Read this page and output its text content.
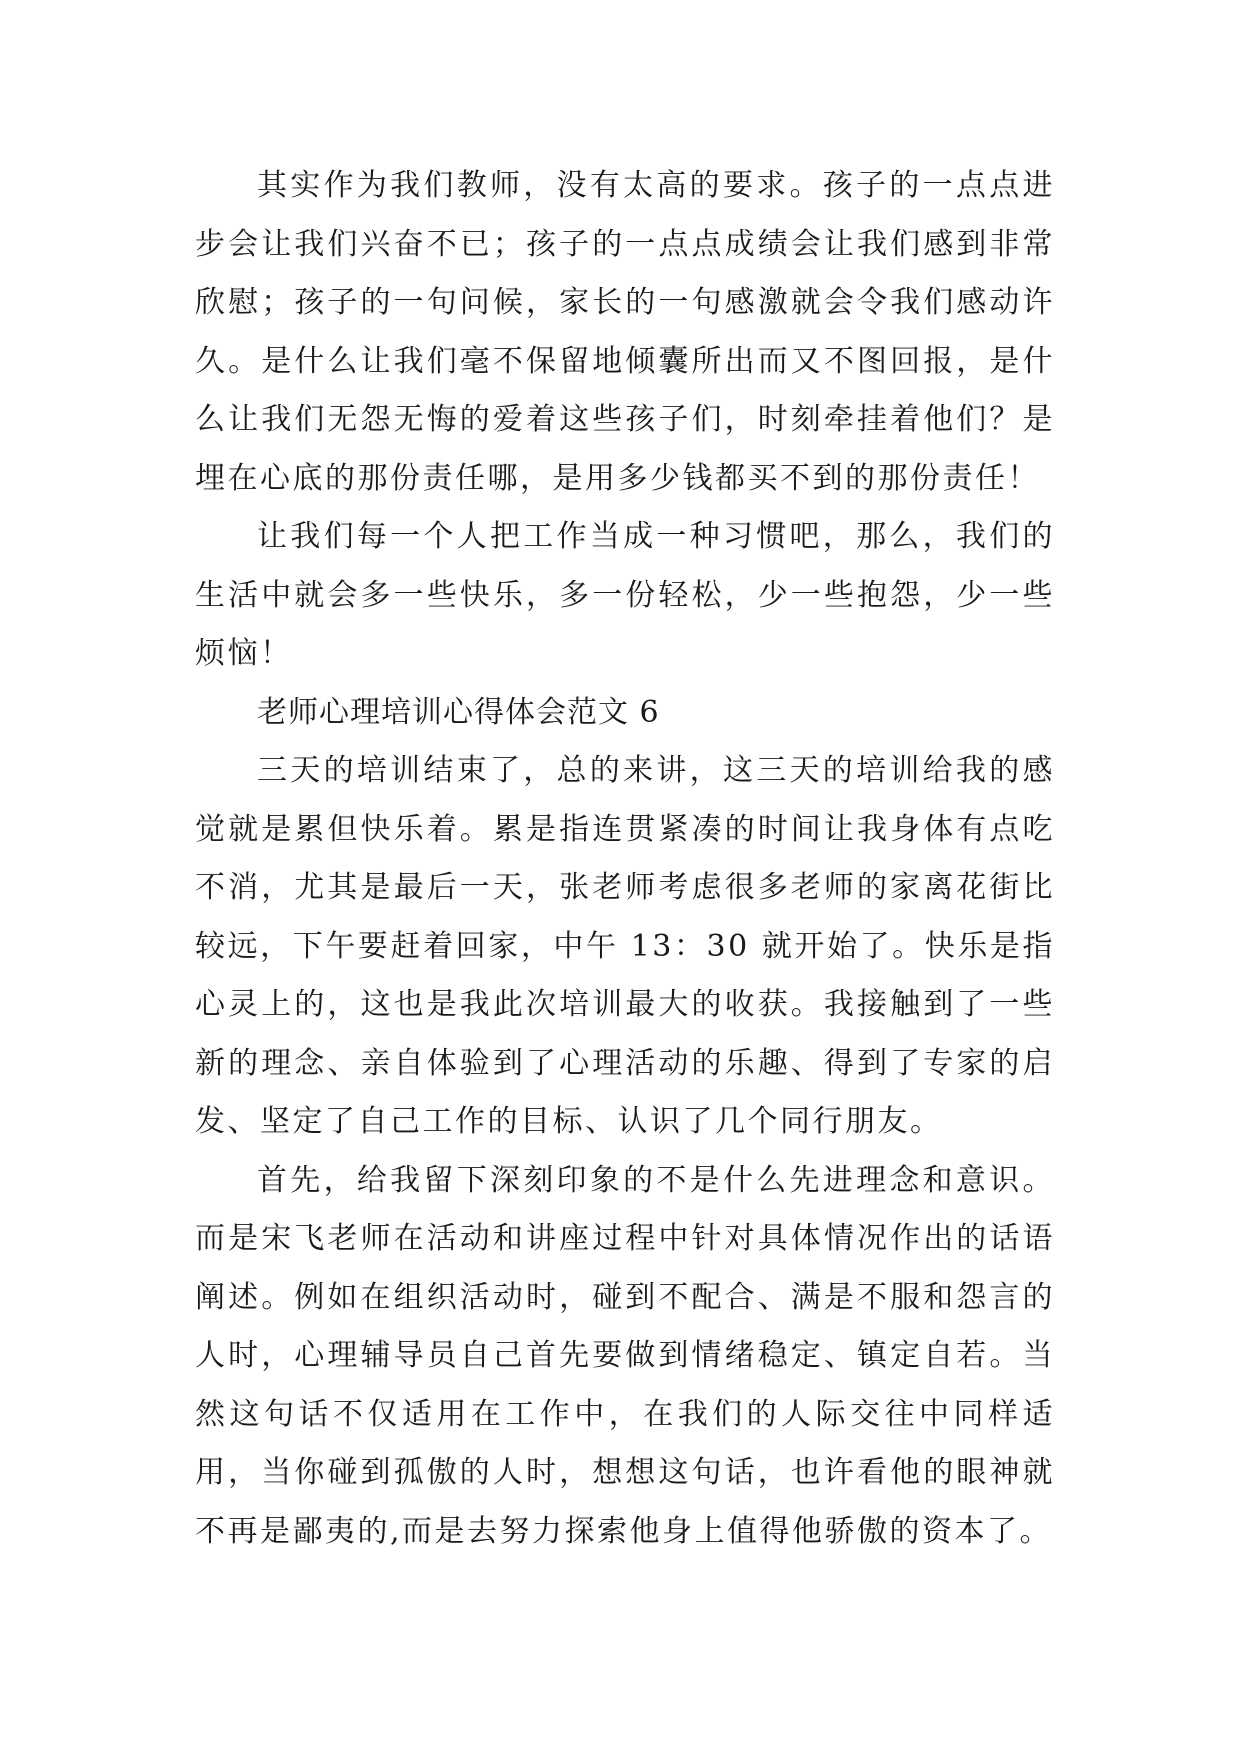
其实作为我们教师，没有太高的要求。孩子的一点点进步会让我们兴奋不已；孩子的一点点成绩会让我们感到非常欣慰；孩子的一句问候，家长的一句感激就会令我们感动许久。是什么让我们毫不保留地倾囊所出而又不图回报，是什么让我们无怨无悔的爱着这些孩子们，时刻牵挂着他们？是埋在心底的那份责任哪，是用多少钱都买不到的那份责任！

让我们每一个人把工作当成一种习惯吧，那么，我们的生活中就会多一些快乐，多一份轻松，少一些抱怨，少一些烦恼！

老师心理培训心得体会范文 6

三天的培训结束了，总的来讲，这三天的培训给我的感觉就是累但快乐着。累是指连贯紧凑的时间让我身体有点吃不消，尤其是最后一天，张老师考虑很多老师的家离花街比较远，下午要赶着回家，中午 13：30 就开始了。快乐是指心灵上的，这也是我此次培训最大的收获。我接触到了一些新的理念、亲自体验到了心理活动的乐趣、得到了专家的启发、坚定了自己工作的目标、认识了几个同行朋友。

首先，给我留下深刻印象的不是什么先进理念和意识。而是宋飞老师在活动和讲座过程中针对具体情况作出的话语阐述。例如在组织活动时，碰到不配合、满是不服和怨言的人时，心理辅导员自己首先要做到情绪稳定、镇定自若。当然这句话不仅适用在工作中，在我们的人际交往中同样适用，当你碰到孤傲的人时，想想这句话，也许看他的眼神就不再是鄙夷的,而是去努力探索他身上值得他骄傲的资本了。
